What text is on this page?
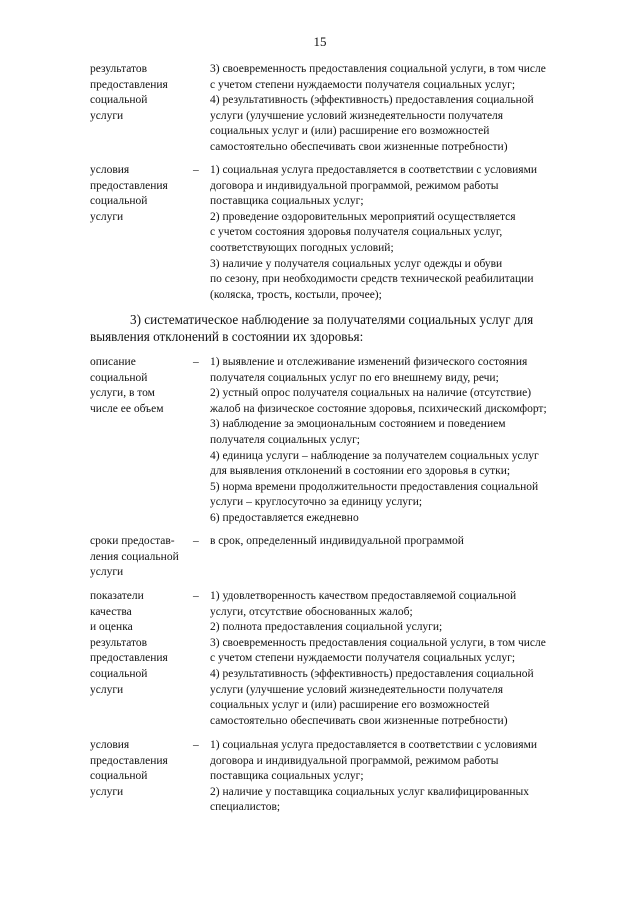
15
результатов
предоставления
социальной
услуги
3) своевременность предоставления социальной услуги, в том числе
с учетом степени нуждаемости получателя социальных услуг;
4) результативность (эффективность) предоставления социальной
услуги (улучшение условий жизнедеятельности получателя
социальных услуг и (или) расширение его возможностей
самостоятельно обеспечивать свои жизненные потребности)
условия
предоставления
социальной
услуги
– 1) социальная услуга предоставляется в соответствии с условиями
договора и индивидуальной программой, режимом работы
поставщика социальных услуг;
2) проведение оздоровительных мероприятий осуществляется
с учетом состояния здоровья получателя социальных услуг,
соответствующих погодных условий;
3) наличие у получателя социальных услуг одежды и обуви
по сезону, при необходимости средств технической реабилитации
(коляска, трость, костыли, прочее);
3) систематическое наблюдение за получателями социальных услуг для
выявления отклонений в состоянии их здоровья:
описание
социальной
услуги, в том
числе ее объем
– 1) выявление и отслеживание изменений физического состояния
получателя социальных услуг по его внешнему виду, речи;
2) устный опрос получателя социальных на наличие (отсутствие)
жалоб на физическое состояние здоровья, психический дискомфорт;
3) наблюдение за эмоциональным состоянием и поведением
получателя социальных услуг;
4) единица услуги – наблюдение за получателем социальных услуг
для выявления отклонений в состоянии его здоровья в сутки;
5) норма времени продолжительности предоставления социальной
услуги – круглосуточно за единицу услуги;
6) предоставляется ежедневно
сроки предостав-
ления социальной
услуги
– в срок, определенный индивидуальной программой
показатели
качества
и оценка
результатов
предоставления
социальной
услуги
– 1) удовлетворенность качеством предоставляемой социальной
услуги, отсутствие обоснованных жалоб;
2) полнота предоставления социальной услуги;
3) своевременность предоставления социальной услуги, в том числе
с учетом степени нуждаемости получателя социальных услуг;
4) результативность (эффективность) предоставления социальной
услуги (улучшение условий жизнедеятельности получателя
социальных услуг и (или) расширение его возможностей
самостоятельно обеспечивать свои жизненные потребности)
условия
предоставления
социальной
услуги
– 1) социальная услуга предоставляется в соответствии с условиями
договора и индивидуальной программой, режимом работы
поставщика социальных услуг;
2) наличие у поставщика социальных услуг квалифицированных
специалистов;
